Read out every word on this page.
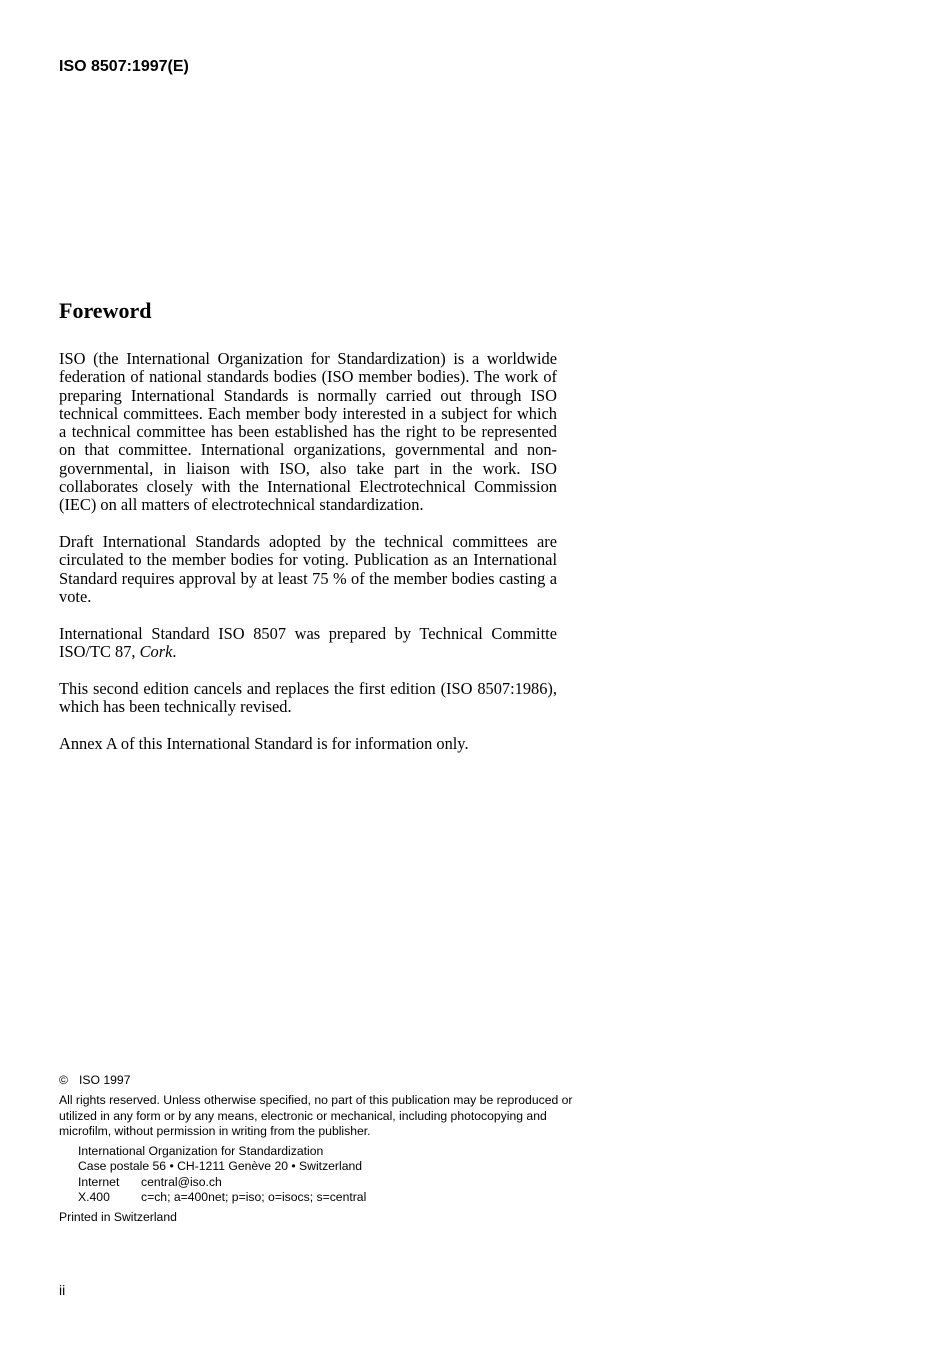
ISO 8507:1997(E)
Foreword

ISO (the International Organization for Standardization) is a worldwide federation of national standards bodies (ISO member bodies). The work of preparing International Standards is normally carried out through ISO technical committees. Each member body interested in a subject for which a technical committee has been established has the right to be represented on that committee. International organizations, governmental and non-governmental, in liaison with ISO, also take part in the work. ISO collaborates closely with the International Electrotechnical Commission (IEC) on all matters of electrotechnical standardization.

Draft International Standards adopted by the technical committees are circulated to the member bodies for voting. Publication as an International Standard requires approval by at least 75 % of the member bodies casting a vote.

International Standard ISO 8507 was prepared by Technical Committe ISO/TC 87, Cork.

This second edition cancels and replaces the first edition (ISO 8507:1986), which has been technically revised.

Annex A of this International Standard is for information only.

© ISO 1997
All rights reserved. Unless otherwise specified, no part of this publication may be reproduced or utilized in any form or by any means, electronic or mechanical, including photocopying and microfilm, without permission in writing from the publisher.
International Organization for Standardization
Case postale 56 • CH-1211 Genève 20 • Switzerland
Internet	central@iso.ch
X.400	c=ch; a=400net; p=iso; o=isocs; s=central
Printed in Switzerland
ii
